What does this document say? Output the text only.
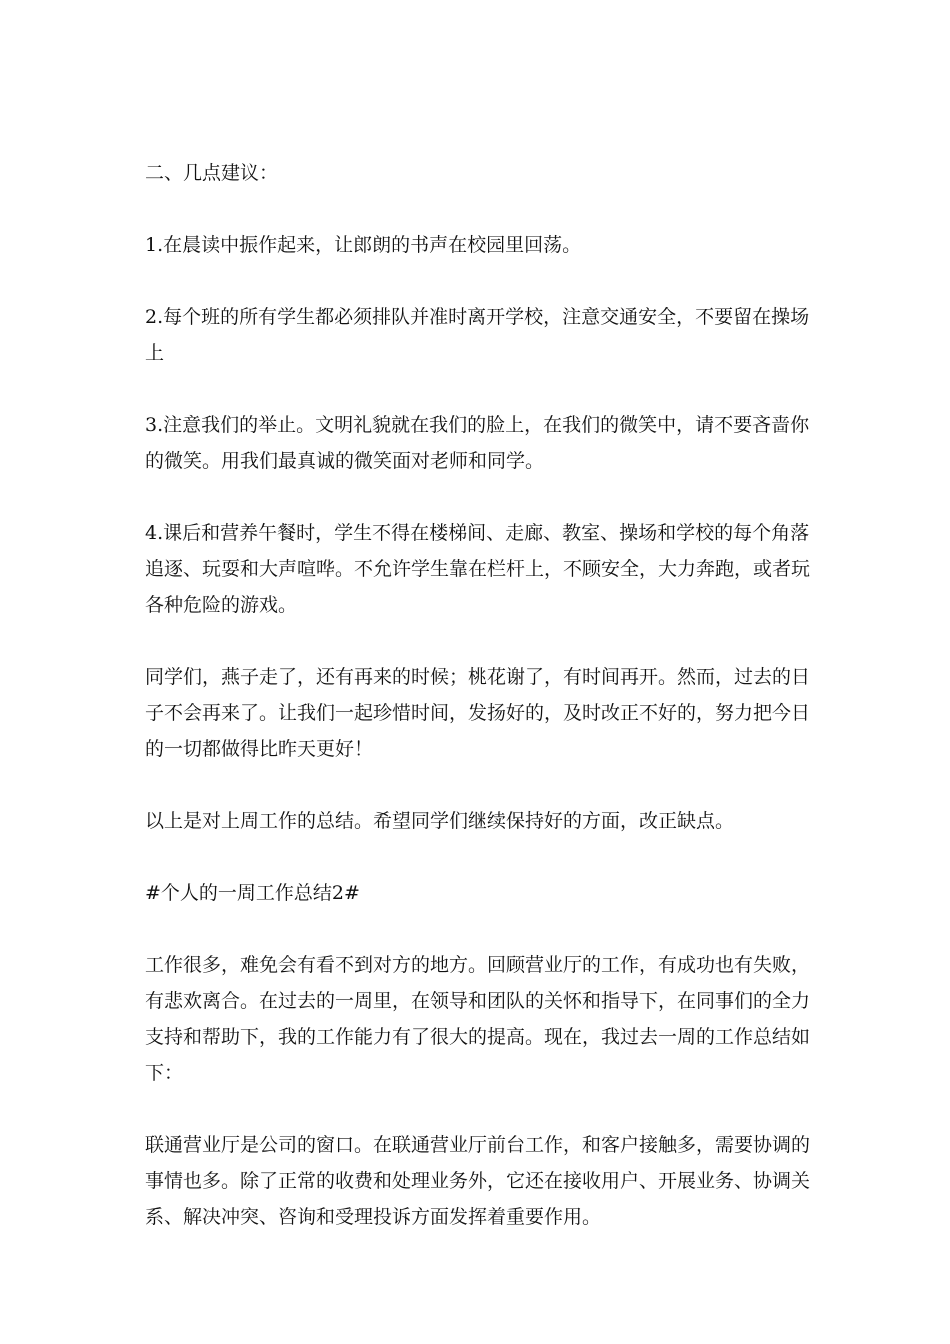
二、几点建议：

1.在晨读中振作起来，让郎朗的书声在校园里回荡。

2.每个班的所有学生都必须排队并准时离开学校，注意交通安全，不要留在操场上

3.注意我们的举止。文明礼貌就在我们的脸上，在我们的微笑中，请不要吝啬你的微笑。用我们最真诚的微笑面对老师和同学。

4.课后和营养午餐时，学生不得在楼梯间、走廊、教室、操场和学校的每个角落追逐、玩耍和大声喧哗。不允许学生靠在栏杆上，不顾安全，大力奔跑，或者玩各种危险的游戏。

同学们，燕子走了，还有再来的时候；桃花谢了，有时间再开。然而，过去的日子不会再来了。让我们一起珍惜时间，发扬好的，及时改正不好的，努力把今日的一切都做得比昨天更好！

以上是对上周工作的总结。希望同学们继续保持好的方面，改正缺点。

#个人的一周工作总结2#

工作很多，难免会有看不到对方的地方。回顾营业厅的工作，有成功也有失败，有悲欢离合。在过去的一周里，在领导和团队的关怀和指导下，在同事们的全力支持和帮助下，我的工作能力有了很大的提高。现在，我过去一周的工作总结如下：

联通营业厅是公司的窗口。在联通营业厅前台工作，和客户接触多，需要协调的事情也多。除了正常的收费和处理业务外，它还在接收用户、开展业务、协调关系、解决冲突、咨询和受理投诉方面发挥着重要作用。
